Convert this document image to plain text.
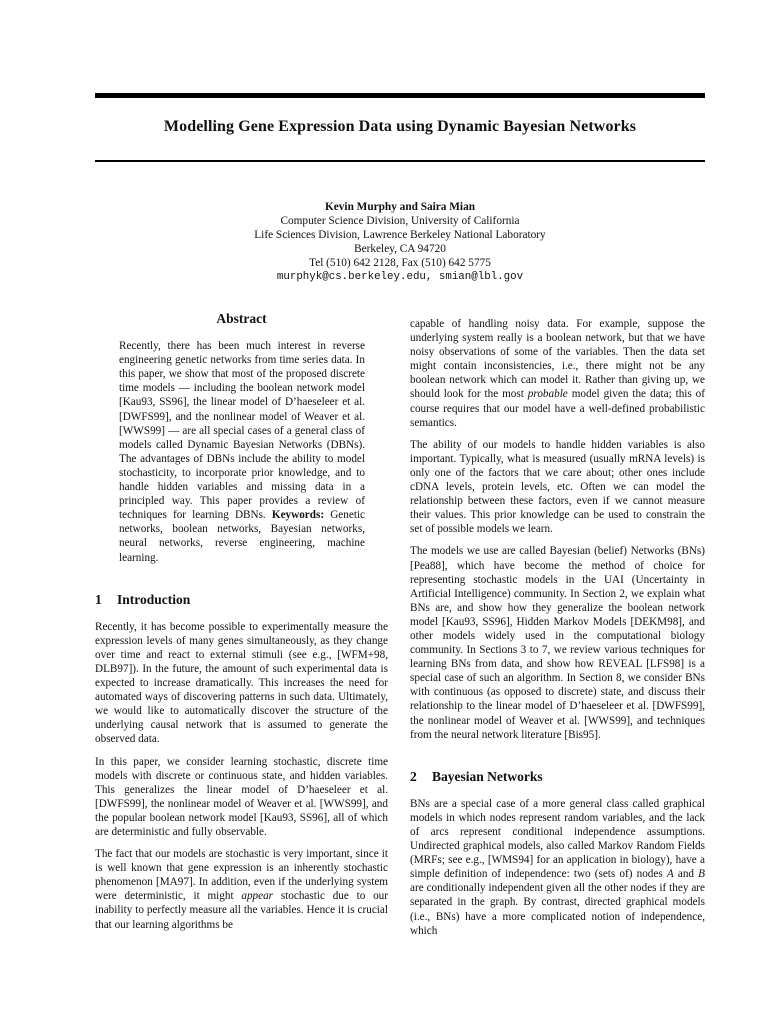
Modelling Gene Expression Data using Dynamic Bayesian Networks
Kevin Murphy and Saira Mian
Computer Science Division, University of California
Life Sciences Division, Lawrence Berkeley National Laboratory
Berkeley, CA 94720
Tel (510) 642 2128, Fax (510) 642 5775
murphyk@cs.berkeley.edu, smian@lbl.gov
Abstract
Recently, there has been much interest in reverse engineering genetic networks from time series data. In this paper, we show that most of the proposed discrete time models — including the boolean network model [Kau93, SS96], the linear model of D’haeseleer et al. [DWFS99], and the nonlinear model of Weaver et al. [WWS99] — are all special cases of a general class of models called Dynamic Bayesian Networks (DBNs). The advantages of DBNs include the ability to model stochasticity, to incorporate prior knowledge, and to handle hidden variables and missing data in a principled way. This paper provides a review of techniques for learning DBNs. Keywords: Genetic networks, boolean networks, Bayesian networks, neural networks, reverse engineering, machine learning.
1 Introduction

Recently, it has become possible to experimentally measure the expression levels of many genes simultaneously, as they change over time and react to external stimuli (see e.g., [WFM+98, DLB97]). In the future, the amount of such experimental data is expected to increase dramatically. This increases the need for automated ways of discovering patterns in such data. Ultimately, we would like to automatically discover the structure of the underlying causal network that is assumed to generate the observed data.

In this paper, we consider learning stochastic, discrete time models with discrete or continuous state, and hidden variables. This generalizes the linear model of D’haeseleer et al. [DWFS99], the nonlinear model of Weaver et al. [WWS99], and the popular boolean network model [Kau93, SS96], all of which are deterministic and fully observable.

The fact that our models are stochastic is very important, since it is well known that gene expression is an inherently stochastic phenomenon [MA97]. In addition, even if the underlying system were deterministic, it might appear stochastic due to our inability to perfectly measure all the variables. Hence it is crucial that our learning algorithms be

capable of handling noisy data. For example, suppose the underlying system really is a boolean network, but that we have noisy observations of some of the variables. Then the data set might contain inconsistencies, i.e., there might not be any boolean network which can model it. Rather than giving up, we should look for the most probable model given the data; this of course requires that our model have a well-defined probabilistic semantics.

The ability of our models to handle hidden variables is also important. Typically, what is measured (usually mRNA levels) is only one of the factors that we care about; other ones include cDNA levels, protein levels, etc. Often we can model the relationship between these factors, even if we cannot measure their values. This prior knowledge can be used to constrain the set of possible models we learn.

The models we use are called Bayesian (belief) Networks (BNs) [Pea88], which have become the method of choice for representing stochastic models in the UAI (Uncertainty in Artificial Intelligence) community. In Section 2, we explain what BNs are, and show how they generalize the boolean network model [Kau93, SS96], Hidden Markov Models [DEKM98], and other models widely used in the computational biology community. In Sections 3 to 7, we review various techniques for learning BNs from data, and show how REVEAL [LFS98] is a special case of such an algorithm. In Section 8, we consider BNs with continuous (as opposed to discrete) state, and discuss their relationship to the linear model of D’haeseleer et al. [DWFS99], the nonlinear model of Weaver et al. [WWS99], and techniques from the neural network literature [Bis95].

2 Bayesian Networks

BNs are a special case of a more general class called graphical models in which nodes represent random variables, and the lack of arcs represent conditional independence assumptions. Undirected graphical models, also called Markov Random Fields (MRFs; see e.g., [WMS94] for an application in biology), have a simple definition of independence: two (sets of) nodes A and B are conditionally independent given all the other nodes if they are separated in the graph. By contrast, directed graphical models (i.e., BNs) have a more complicated notion of independence, which
